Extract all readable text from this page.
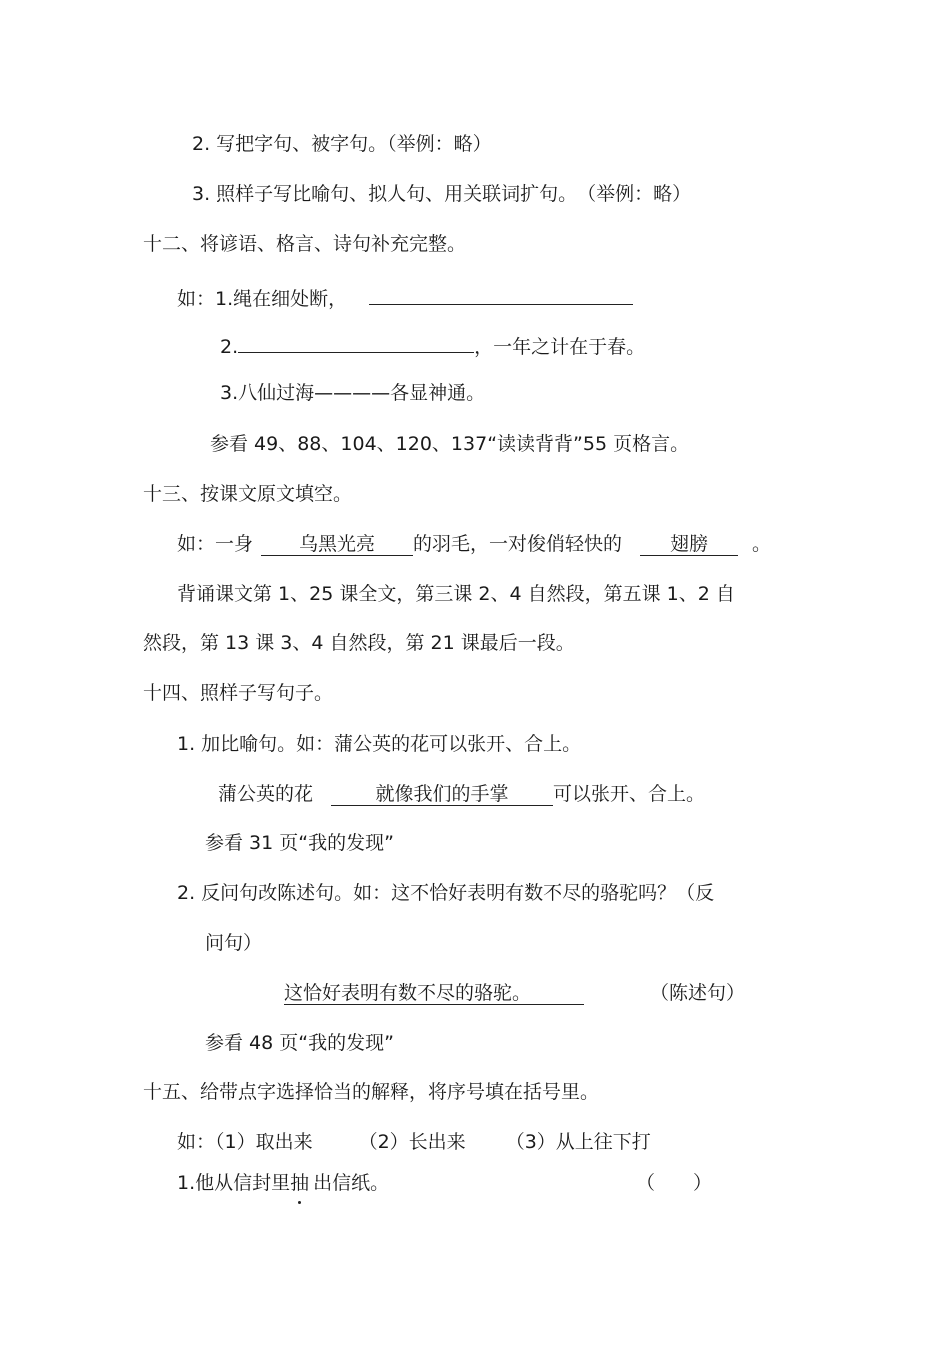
2. 写把字句、被字句。（举例：略）
3. 照样子写比喻句、拟人句、用关联词扩句。　（举例：略）
十二、将谚语、格言、诗句补充完整。
如：1.绳在细处断，
2.	，一年之计在于春。
3.八仙过海————各显神通。
参看 49、88、104、120、137“读读背背”55 页格言。
十三、按课文原文填空。
如：一身 乌黑光亮 的羽毛，一对俊俏轻快的	翅膀 。
背诵课文第 1、25 课全文，第三课 2、4 自然段，第五课 1、2 自
然段，第 13 课 3、4 自然段，第 21 课最后一段。
十四、照样子写句子。
1. 加比喻句。如：蒲公英的花可以张开、合上。
蒲公英的花	就像我们的手掌 可以张开、合上。
参看 31 页“我的发现”
2. 反问句改陈述句。如：这不恰好表明有数不尽的骆驼吗？（反
问句）
这恰好表明有数不尽的骆驼。	（陈述句）
参看 48 页“我的发现”
十五、给带点字选择恰当的解释，将序号填在括号里。
如：（1）取出来 （2）长出来 （3）从上往下打
1.他从信封里抽 出信纸。	（　　）
